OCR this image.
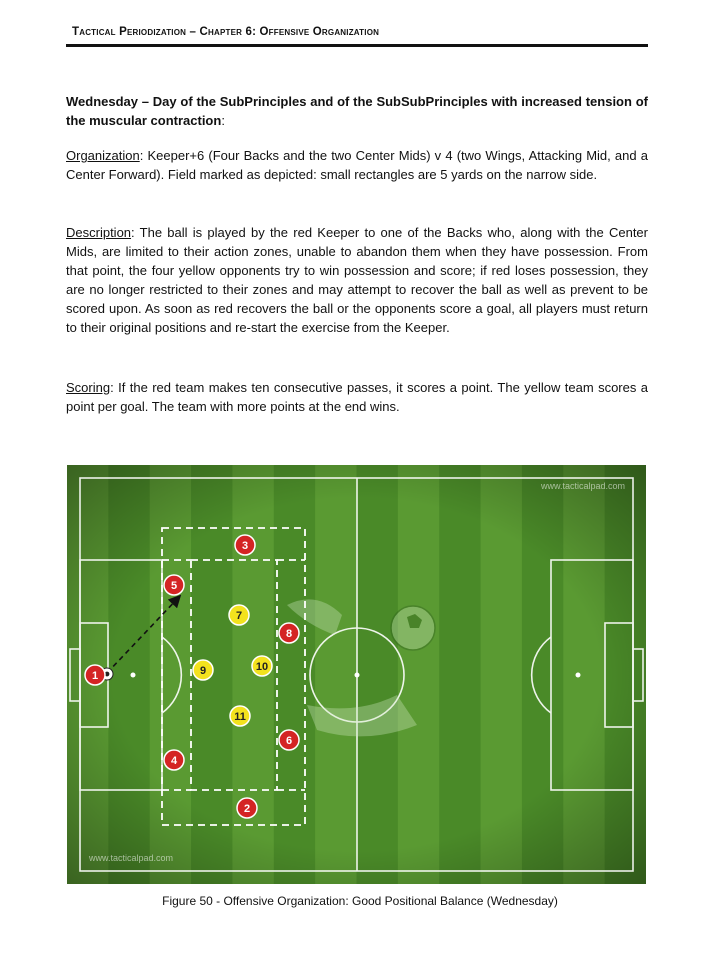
Tactical Periodization – Chapter 6: Offensive Organization
Wednesday – Day of the SubPrinciples and of the SubSubPrinciples with increased tension of the muscular contraction:
Organization: Keeper+6 (Four Backs and the two Center Mids) v 4 (two Wings, Attacking Mid, and a Center Forward). Field marked as depicted: small rectangles are 5 yards on the narrow side.
Description: The ball is played by the red Keeper to one of the Backs who, along with the Center Mids, are limited to their action zones, unable to abandon them when they have possession. From that point, the four yellow opponents try to win possession and score; if red loses possession, they are no longer restricted to their zones and may attempt to recover the ball as well as prevent to be scored upon. As soon as red recovers the ball or the opponents score a goal, all players must return to their original positions and re-start the exercise from the Keeper.
Scoring: If the red team makes ten consecutive passes, it scores a point. The yellow team scores a point per goal. The team with more points at the end wins.
www.tacticalpad.com
www.tacticalpad.com
1
5
3
8
6
4
2
7
9	10
11
Figure 50 - Offensive Organization: Good Positional Balance (Wednesday)
